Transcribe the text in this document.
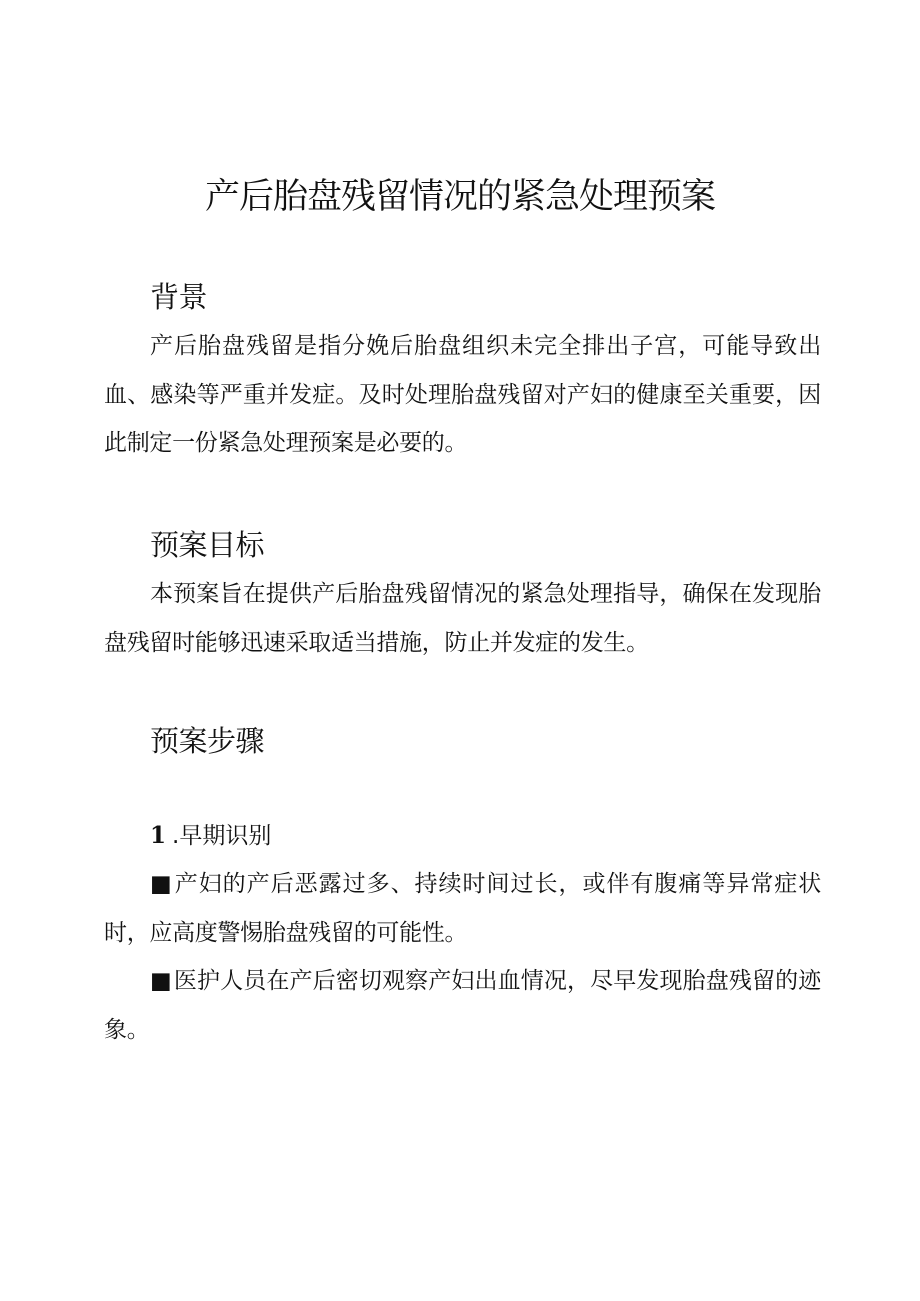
产后胎盘残留情况的紧急处理预案
背景

产后胎盘残留是指分娩后胎盘组织未完全排出子宫，可能导致出血、感染等严重并发症。及时处理胎盘残留对产妇的健康至关重要，因此制定一份紧急处理预案是必要的。

预案目标

本预案旨在提供产后胎盘残留情况的紧急处理指导，确保在发现胎盘残留时能够迅速采取适当措施，防止并发症的发生。

预案步骤
1 .早期识别

■产妇的产后恶露过多、持续时间过长，或伴有腹痛等异常症状时，应高度警惕胎盘残留的可能性。

■医护人员在产后密切观察产妇出血情况，尽早发现胎盘残留的迹象。
